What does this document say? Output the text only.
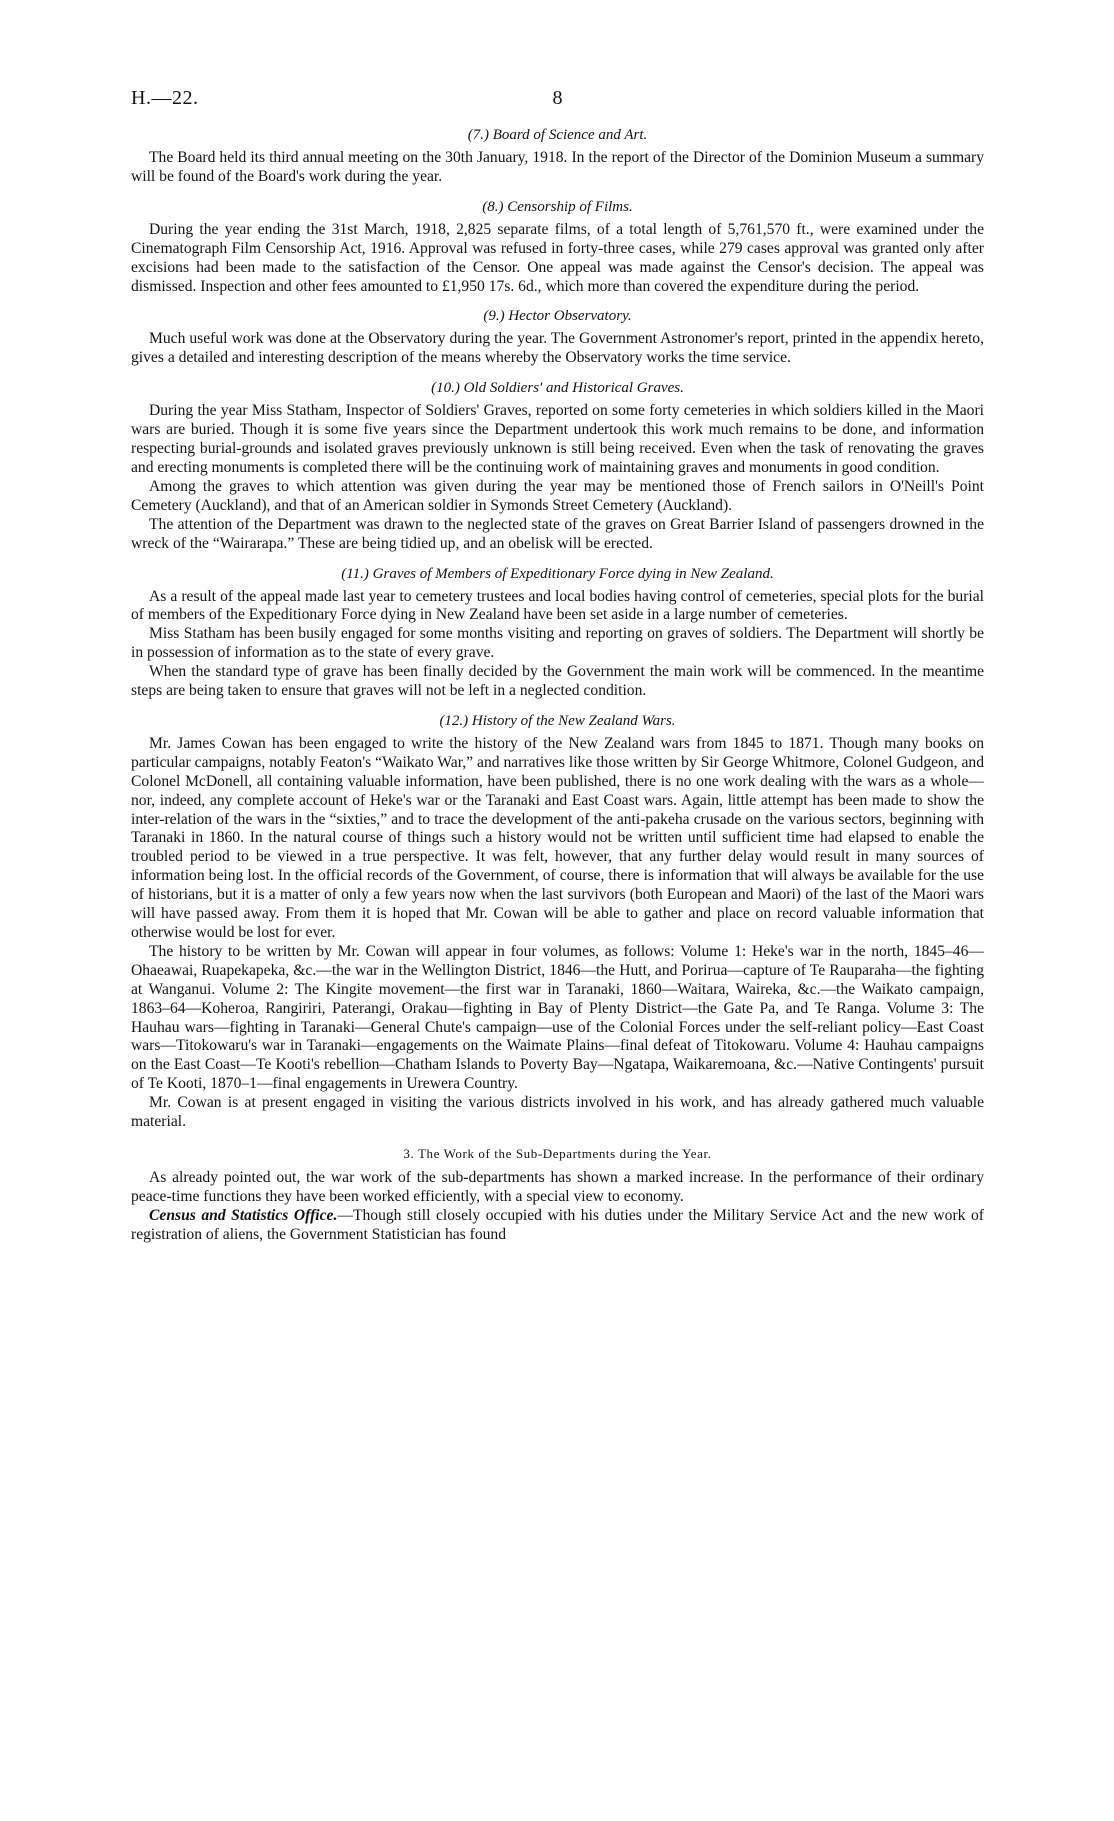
H.—22.	8
(7.) Board of Science and Art.

The Board held its third annual meeting on the 30th January, 1918. In the report of the Director of the Dominion Museum a summary will be found of the Board's work during the year.

(8.) Censorship of Films.

During the year ending the 31st March, 1918, 2,825 separate films, of a total length of 5,761,570 ft., were examined under the Cinematograph Film Censorship Act, 1916. Approval was refused in forty-three cases, while 279 cases approval was granted only after excisions had been made to the satisfaction of the Censor. One appeal was made against the Censor's decision. The appeal was dismissed. Inspection and other fees amounted to £1,950 17s. 6d., which more than covered the expenditure during the period.

(9.) Hector Observatory.

Much useful work was done at the Observatory during the year. The Government Astronomer's report, printed in the appendix hereto, gives a detailed and interesting description of the means whereby the Observatory works the time service.

(10.) Old Soldiers' and Historical Graves.

During the year Miss Statham, Inspector of Soldiers' Graves, reported on some forty cemeteries in which soldiers killed in the Maori wars are buried. Though it is some five years since the Department undertook this work much remains to be done, and information respecting burial-grounds and isolated graves previously unknown is still being received. Even when the task of renovating the graves and erecting monuments is completed there will be the continuing work of maintaining graves and monuments in good condition.

Among the graves to which attention was given during the year may be mentioned those of French sailors in O'Neill's Point Cemetery (Auckland), and that of an American soldier in Symonds Street Cemetery (Auckland).

The attention of the Department was drawn to the neglected state of the graves on Great Barrier Island of passengers drowned in the wreck of the “Wairarapa.” These are being tidied up, and an obelisk will be erected.

(11.) Graves of Members of Expeditionary Force dying in New Zealand.

As a result of the appeal made last year to cemetery trustees and local bodies having control of cemeteries, special plots for the burial of members of the Expeditionary Force dying in New Zealand have been set aside in a large number of cemeteries.

Miss Statham has been busily engaged for some months visiting and reporting on graves of soldiers. The Department will shortly be in possession of information as to the state of every grave.

When the standard type of grave has been finally decided by the Government the main work will be commenced. In the meantime steps are being taken to ensure that graves will not be left in a neglected condition.

(12.) History of the New Zealand Wars.

Mr. James Cowan has been engaged to write the history of the New Zealand wars from 1845 to 1871. Though many books on particular campaigns, notably Featon's “Waikato War,” and narratives like those written by Sir George Whitmore, Colonel Gudgeon, and Colonel McDonell, all containing valuable information, have been published, there is no one work dealing with the wars as a whole—nor, indeed, any complete account of Heke's war or the Taranaki and East Coast wars. Again, little attempt has been made to show the inter-relation of the wars in the “sixties,” and to trace the development of the anti-pakeha crusade on the various sectors, beginning with Taranaki in 1860. In the natural course of things such a history would not be written until sufficient time had elapsed to enable the troubled period to be viewed in a true perspective. It was felt, however, that any further delay would result in many sources of information being lost. In the official records of the Government, of course, there is information that will always be available for the use of historians, but it is a matter of only a few years now when the last survivors (both European and Maori) of the last of the Maori wars will have passed away. From them it is hoped that Mr. Cowan will be able to gather and place on record valuable information that otherwise would be lost for ever.

The history to be written by Mr. Cowan will appear in four volumes, as follows: Volume 1: Heke's war in the north, 1845–46—Ohaeawai, Ruapekapeka, &c.—the war in the Wellington District, 1846—the Hutt, and Porirua—capture of Te Rauparaha—the fighting at Wanganui. Volume 2: The Kingite movement—the first war in Taranaki, 1860—Waitara, Waireka, &c.—the Waikato campaign, 1863–64—Koheroa, Rangiriri, Paterangi, Orakau—fighting in Bay of Plenty District—the Gate Pa, and Te Ranga. Volume 3: The Hauhau wars—fighting in Taranaki—General Chute's campaign—use of the Colonial Forces under the self-reliant policy—East Coast wars—Titokowaru's war in Taranaki—engagements on the Waimate Plains—final defeat of Titokowaru. Volume 4: Hauhau campaigns on the East Coast—Te Kooti's rebellion—Chatham Islands to Poverty Bay—Ngatapa, Waikaremoana, &c.—Native Contingents' pursuit of Te Kooti, 1870–1—final engagements in Urewera Country.

Mr. Cowan is at present engaged in visiting the various districts involved in his work, and has already gathered much valuable material.

3. The Work of the Sub-Departments during the Year.

As already pointed out, the war work of the sub-departments has shown a marked increase. In the performance of their ordinary peace-time functions they have been worked efficiently, with a special view to economy.

Census and Statistics Office.—Though still closely occupied with his duties under the Military Service Act and the new work of registration of aliens, the Government Statistician has found
